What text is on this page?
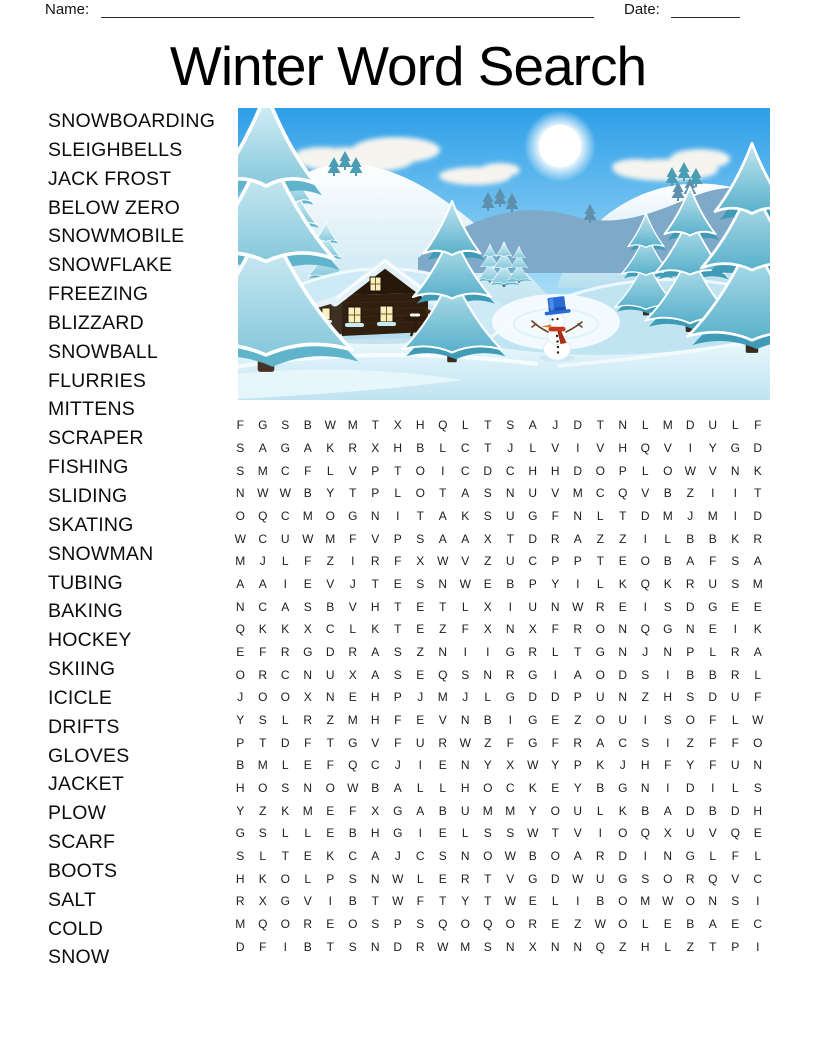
Name:	Date:
Winter Word Search
SNOWBOARDING
SLEIGHBELLS
JACK FROST
BELOW ZERO
SNOWMOBILE
SNOWFLAKE
FREEZING
BLIZZARD
SNOWBALL
FLURRIES
MITTENS
SCRAPER
FISHING
SLIDING
SKATING
SNOWMAN
TUBING
BAKING
HOCKEY
SKIING
ICICLE
DRIFTS
GLOVES
JACKET
PLOW
SCARF
BOOTS
SALT
COLD
SNOW
F	G	S	B	W M	T	X	H	Q	L	T	S	A	J	D	T	N	L	M	D	U	L	F
S	A	G	A	K	R	X	H	B	L	C	T	J	L	V	I	V	H	Q	V	I	Y	G	D
S	M	C	F	L	V	P	T	O	I	C	D	C	H	H	D	O	P	L	O	W	V	N	K
N	W W	B	Y	T	P	L	O	T	A	S	N	U	V	M	C	Q	V	B	Z	I	I	T
O	Q	C	M	O	G	N	I	T	A	K	S	U	G	F	N	L	T	D	M	J	M	I	D
W	C	U	W M	F	V	P	S	A	A	X	T	D	R	A	Z	Z	I	L	B	B	K	R
M	J	L	F	Z	I	R	F	X	W	V	Z	U	C	P	P	T	E	O	B	A	F	S	A
A	A	I	E	V	J	T	E	S	N	W	E	B	P	Y	I	L	K	Q	K	R	U	S	M
N	C	A	S	B	V	H	T	E	T	L	X	I	U	N	W	R	E	I	S	D	G	E	E
Q	K	K	X	C	L	K	T	E	Z	F	X	N	X	F	R	O	N	Q	G	N	E	I	K
E	F	R	G	D	R	A	S	Z	N	I	I	G	R	L	T	G	N	J	N	P	L	R	A
O	R	C	N	U	X	A	S	E	Q	S	N	R	G	I	A	O	D	S	I	B	B	R	L
J	O	O	X	N	E	H	P	J	M	J	L	G	D	D	P	U	N	Z	H	S	D	U	F
Y	S	L	R	Z	M	H	F	E	V	N	B	I	G	E	Z	O	U	I	S	O	F	L	W
P	T	D	F	T	G	V	F	U	R	W	Z	F	G	F	R	A	C	S	I	Z	F	F	O
B	M	L	E	F	Q	C	J	I	E	N	Y	X	W	Y	P	K	J	H	F	Y	F	U	N
H	O	S	N	O	W	B	A	L	L	H	O	C	K	E	Y	B	G	N	I	D	I	L	S
Y	Z	K	M	E	F	X	G	A	B	U	M	M	Y	O	U	L	K	B	A	D	B	D	H
G	S	L	L	E	B	H	G	I	E	L	S	S	W	T	V	I	O	Q	X	U	V	Q	E
S	L	T	E	K	C	A	J	C	S	N	O	W	B	O	A	R	D	I	N	G	L	F	L
H	K	O	L	P	S	N	W	L	E	R	T	V	G	D	W	U	G	S	O	R	Q	V	C
R	X	G	V	I	B	T	W	F	T	Y	T	W	E	L	I	B	O	M W	O	N	S	I
M	Q	O	R	E	O	S	P	S	Q	O	Q	O	R	E	Z	W	O	L	E	B	A	E	C
D	F	I	B	T	S	N	D	R	W M	S	N	X	N	N	Q	Z	H	L	Z	T	P	I
